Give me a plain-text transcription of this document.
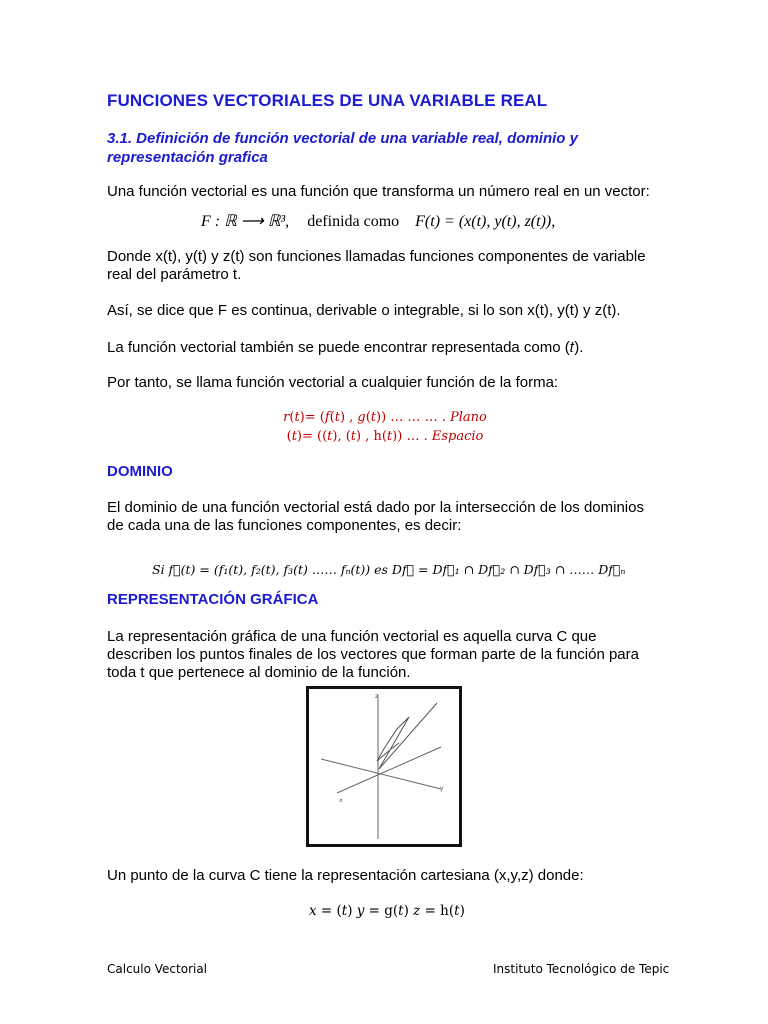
FUNCIONES VECTORIALES DE UNA VARIABLE REAL
3.1. Definición de función vectorial de una variable real, dominio y
representación grafica
Una función vectorial es una función que transforma un número real en un vector:
F : ℝ ⟶ ℝ³, definida como F(t) = (x(t), y(t), z(t)),
Donde x(t), y(t) y z(t) son funciones llamadas funciones componentes de variable real del parámetro t.
Así, se dice que F es continua, derivable o integrable, si lo son x(t), y(t) y z(t).
La función vectorial también se puede encontrar representada como (𝑡).
Por tanto, se llama función vectorial a cualquier función de la forma:
𝑟(𝑡)= (𝑓(𝑡) , 𝑔(𝑡)) … … … . 𝑃𝑙𝑎𝑛𝑜
(𝑡)= ((𝑡), (𝑡) , h(𝑡)) … . 𝐸𝑠𝑝𝑎𝑐𝑖𝑜
DOMINIO
El dominio de una función vectorial está dado por la intersección de los dominios de cada una de las funciones componentes, es decir:
𝑆𝑖 𝑓⃗(t) = (𝑓₁(𝑡), 𝑓₂(𝑡), 𝑓₃(𝑡) …… 𝑓ₙ(𝑡)) 𝑒𝑠 𝐷𝑓⃗ = 𝐷𝑓⃗₁ ∩ 𝐷𝑓⃗₂ ∩ 𝐷𝑓⃗₃ ∩ …… 𝐷𝑓⃗ₙ
REPRESENTACIÓN GRÁFICA
La representación gráfica de una función vectorial es aquella curva C que describen los puntos finales de los vectores que forman parte de la función para toda t que pertenece al dominio de la función.
z
y
x
Un punto de la curva C tiene la representación cartesiana (x,y,z) donde:
𝑥 = (𝑡) 𝑦 = g(𝑡) 𝑧 = h(𝑡)
Calculo Vectorial	Instituto Tecnológico de Tepic
